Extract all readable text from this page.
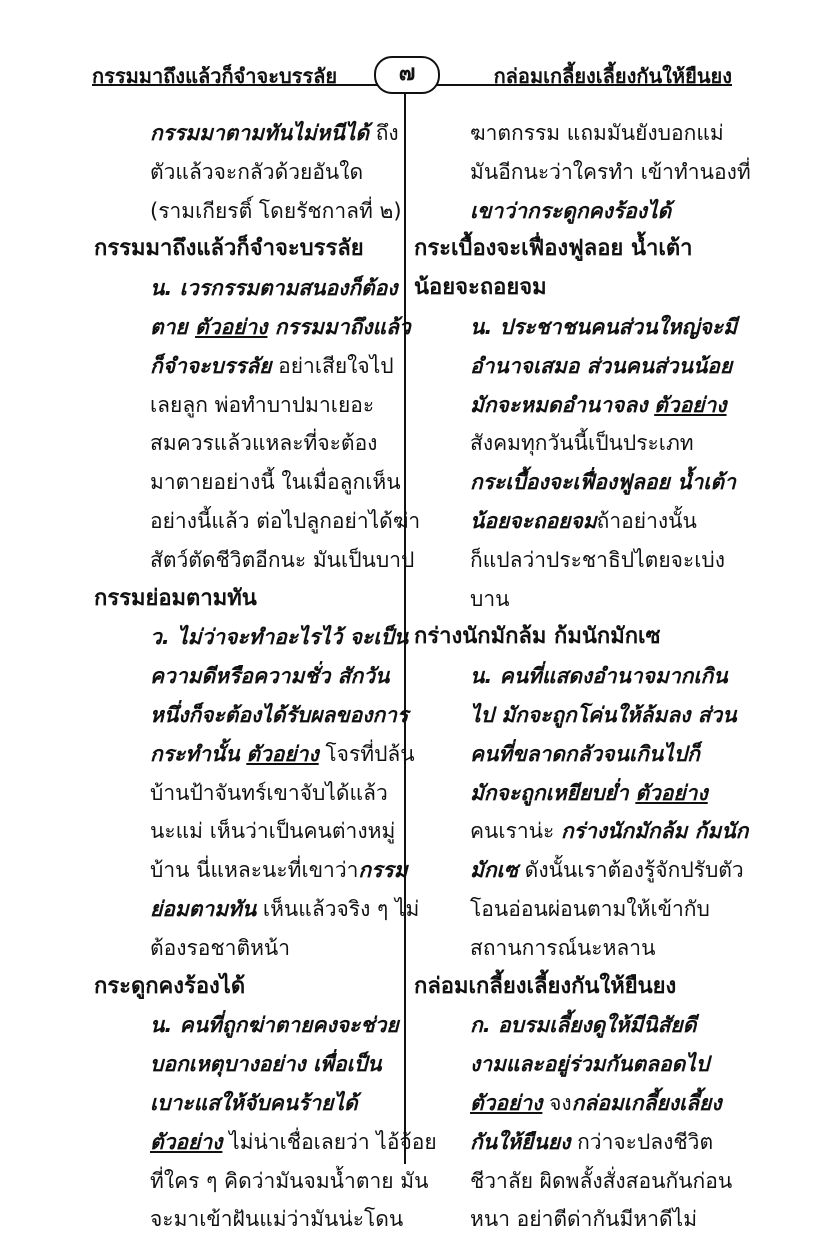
กรรมมาถึงแล้วก็จำจะบรรลัย	กล่อมเกลี้ยงเลี้ยงกันให้ยืนยง
๗
กรรมมาตามทันไม่หนีได้ ถึง
ตัวแล้วจะกลัวด้วยอันใด
(รามเกียรติ์ โดยรัชกาลที่ ๒)
กรรมมาถึงแล้วก็จำจะบรรลัย
น. เวรกรรมตามสนองก็ต้อง
ตาย ตัวอย่าง กรรมมาถึงแล้ว
ก็จำจะบรรลัย อย่าเสียใจไป
เลยลูก พ่อทำบาปมาเยอะ
สมควรแล้วแหละที่จะต้อง
มาตายอย่างนี้ ในเมื่อลูกเห็น
อย่างนี้แล้ว ต่อไปลูกอย่าได้ฆ่า
สัตว์ตัดชีวิตอีกนะ มันเป็นบาป
กรรมย่อมตามทัน
ว. ไม่ว่าจะทำอะไรไว้ จะเป็น
ความดีหรือความชั่ว สักวัน
หนึ่งก็จะต้องได้รับผลของการ
กระทำนั้น ตัวอย่าง โจรที่ปล้น
บ้านป้าจันทร์เขาจับได้แล้ว
นะแม่ เห็นว่าเป็นคนต่างหมู่
บ้าน นี่แหละนะที่เขาว่ากรรม
ย่อมตามทัน เห็นแล้วจริง ๆ ไม่
ต้องรอชาติหน้า
กระดูกคงร้องได้
น. คนที่ถูกฆ่าตายคงจะช่วย
บอกเหตุบางอย่าง เพื่อเป็น
เบาะแสให้จับคนร้ายได้
ตัวอย่าง ไม่น่าเชื่อเลยว่า ไอ้จ้อย
ที่ใคร ๆ คิดว่ามันจมน้ำตาย มัน
จะมาเข้าฝันแม่ว่ามันน่ะโดน
ฆาตกรรม แถมมันยังบอกแม่
มันอีกนะว่าใครทำ เข้าทำนองที่
เขาว่ากระดูกคงร้องได้
กระเบื้องจะเฟื่องฟูลอย น้ำเต้า
น้อยจะถอยจม
น. ประชาชนคนส่วนใหญ่จะมี
อำนาจเสมอ ส่วนคนส่วนน้อย
มักจะหมดอำนาจลง ตัวอย่าง
สังคมทุกวันนี้เป็นประเภท
กระเบื้องจะเฟื่องฟูลอย น้ำเต้า
น้อยจะถอยจมถ้าอย่างนั้น
ก็แปลว่าประชาธิปไตยจะเบ่ง
บาน
กร่างนักมักล้ม ก้มนักมักเซ
น. คนที่แสดงอำนาจมากเกิน
ไป มักจะถูกโค่นให้ล้มลง ส่วน
คนที่ขลาดกลัวจนเกินไปก็
มักจะถูกเหยียบย่ำ ตัวอย่าง
คนเราน่ะ กร่างนักมักล้ม ก้มนัก
มักเซ ดังนั้นเราต้องรู้จักปรับตัว
โอนอ่อนผ่อนตามให้เข้ากับ
สถานการณ์นะหลาน
กล่อมเกลี้ยงเลี้ยงกันให้ยืนยง
ก. อบรมเลี้ยงดูให้มีนิสัยดี
งามและอยู่ร่วมกันตลอดไป
ตัวอย่าง จงกล่อมเกลี้ยงเลี้ยง
กันให้ยืนยง กว่าจะปลงชีวิต
ชีวาลัย ผิดพลั้งสั่งสอนกันก่อน
หนา อย่าตีด่ากันมีหาดีไม่
